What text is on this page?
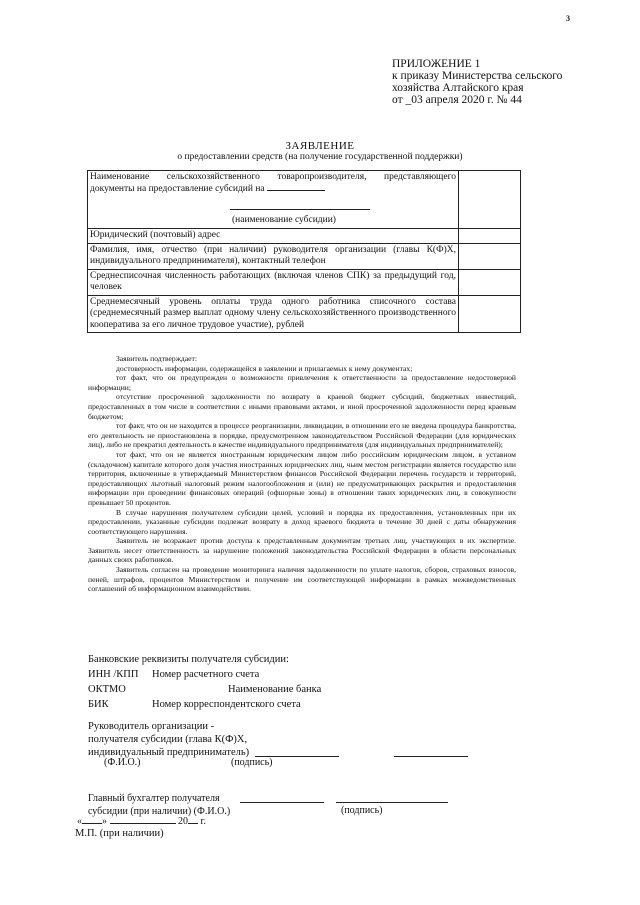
3
ПРИЛОЖЕНИЕ 1
к приказу Министерства сельского
хозяйства Алтайского края
от _03 апреля 2020 г. № 44
ЗАЯВЛЕНИЕ
о предоставлении средств (на получение государственной поддержки)
Наименование сельскохозяйственного товаропроизводителя, представляющего документы на предоставление субсидий на
(наименование субсидии)	

Юридический (почтовый) адрес	
Фамилия, имя, отчество (при наличии) руководителя организации (главы К(Ф)Х, индивидуального предпринимателя), контактный телефон	
Среднесписочная численность работающих (включая членов СПК) за предыдущий год, человек	
Среднемесячный уровень оплаты труда одного работника списочного состава (среднемесячный размер выплат одному члену сельскохозяйственного производственного кооператива за его личное трудовое участие), рублей	

Заявитель подтверждает:

достоверность информации, содержащейся в заявлении и прилагаемых к нему документах;

тот факт, что он предупрежден о возможности привлечения к ответственности за предоставление недостоверной информации;

отсутствие просроченной задолженности по возврату в краевой бюджет субсидий, бюджетных инвестиций, предоставленных в том числе в соответствии с иными правовыми актами, и иной просроченной задолженности перед краевым бюджетом;

тот факт, что он не находится в процессе реорганизации, ликвидации, в отношении его не введена процедура банкротства, его деятельность не приостановлена в порядке, предусмотренном законодательством Российской Федерации (для юридических лиц), либо не прекратил деятельность в качестве индивидуального предпринимателя (для индивидуальных предпринимателей);

тот факт, что он не является иностранным юридическим лицом либо российским юридическим лицом, в уставном (складочном) капитале которого доля участия иностранных юридических лиц, чьим местом регистрации является государство или территория, включенные в утверждаемый Министерством финансов Российской Федерации перечень государств и территорий, предоставляющих льготный налоговый режим налогообложения и (или) не предусматривающих раскрытия и предоставления информации при проведении финансовых операций (офшорные зоны) в отношении таких юридических лиц, в совокупности превышает 50 процентов.

В случае нарушения получателем субсидии целей, условий и порядка их предоставления, установленных при их предоставлении, указанные субсидии подлежат возврату в доход краевого бюджета в течение 30 дней с даты обнаружения соответствующего нарушения.

Заявитель не возражает против доступа к представленным документам третьих лиц, участвующих в их экспертизе. Заявитель несет ответственность за нарушение положений законодательства Российской Федерации в области персональных данных своих работников.

Заявитель согласен на проведение мониторинга наличия задолженности по уплате налогов, сборов, страховых взносов, пеней, штрафов, процентов Министерством и получение им соответствующей информации в рамках межведомственных соглашений об информационном взаимодействии.

Банковские реквизиты получателя субсидии:
ИНН /КПП	Номер расчетного счета
ОКТМО	Наименование банка
БИК	Номер корреспондентского счета
Руководитель организации -
получателя субсидии (глава К(Ф)Х,
индивидуальный предприниматель)
(Ф.И.О.)	(подпись)
Главный бухгалтер получателя
субсидии (при наличии) (Ф.И.О.)	(подпись)
« »	20 г.
М.П. (при наличии)
